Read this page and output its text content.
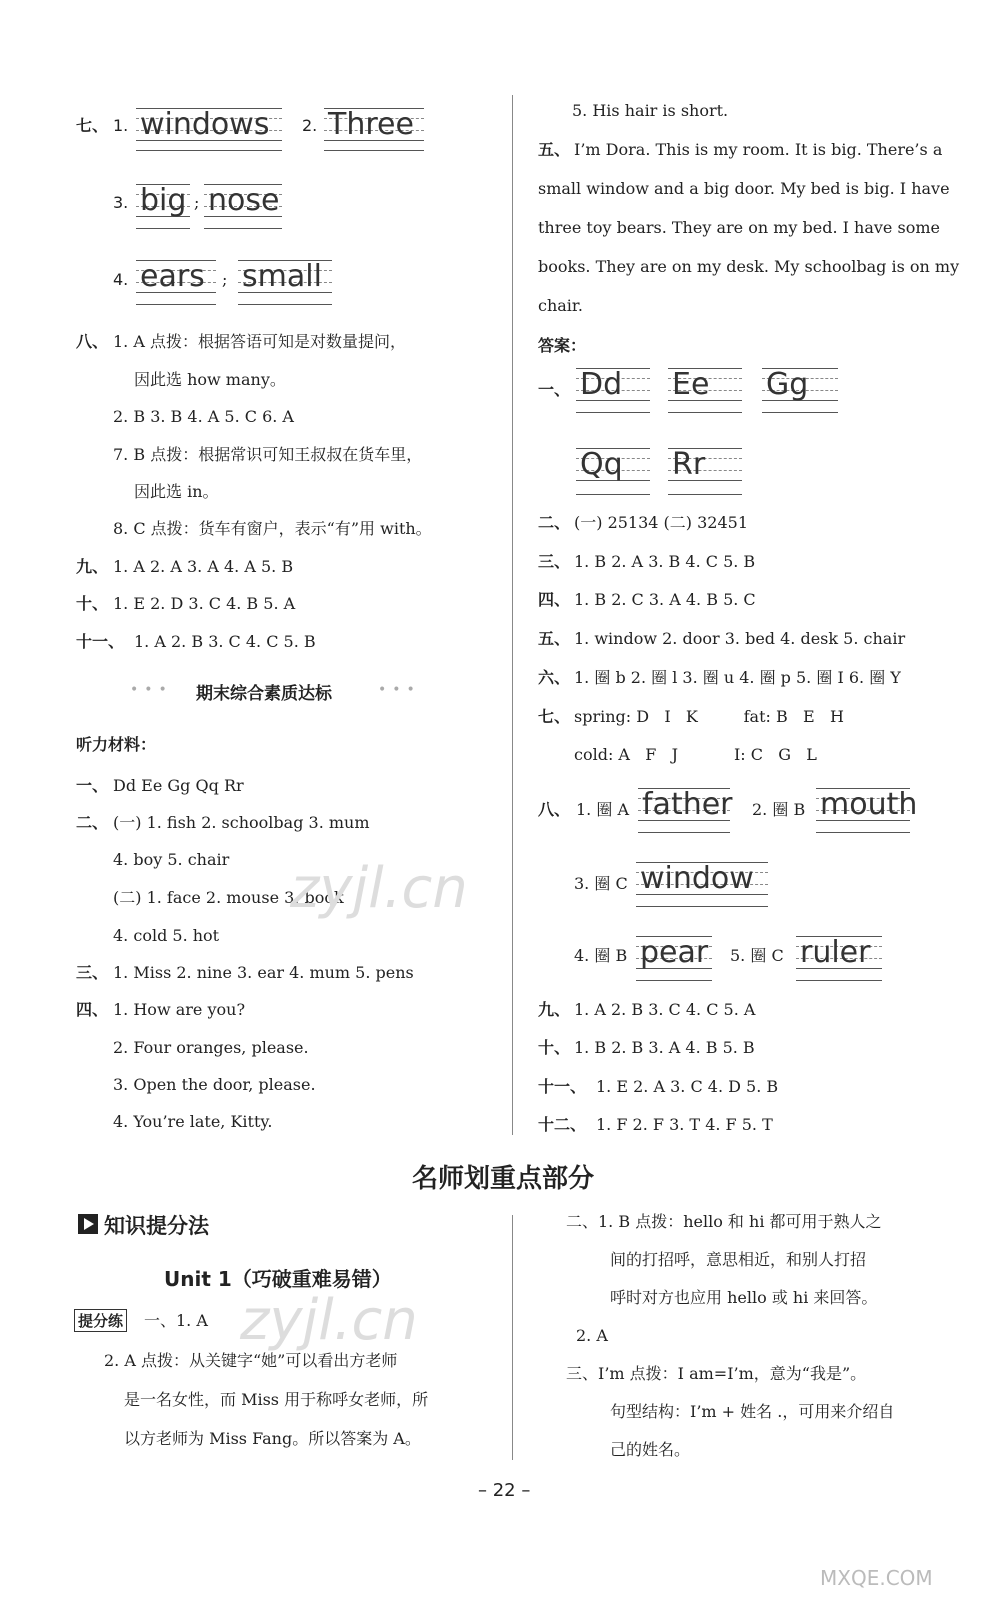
七、 1. windows 2. Three
3. big ; nose
4. ears ; small
八、 1. A 点拨：根据答语可知是对数量提问，
因此选 how many。
2. B 3. B 4. A 5. C 6. A
7. B 点拨：根据常识可知王叔叔在货车里，
因此选 in。
8. C 点拨：货车有窗户，表示“有”用 with。
九、 1. A 2. A 3. A 4. A 5. B
十、 1. E 2. D 3. C 4. B 5. A
十一、 1. A 2. B 3. C 4. C 5. B
••• 期末综合素质达标	•••
听力材料：
一、 Dd Ee Gg Qq Rr
二、 (一) 1. fish 2. schoolbag 3. mum
4. boy 5. chair
(二) 1. face 2. mouse 3. book
4. cold 5. hot
三、 1. Miss 2. nine 3. ear 4. mum 5. pens
四、 1. How are you?
2. Four oranges, please.
3. Open the door, please.
4. You’re late, Kitty.
5. His hair is short.
五、 I’m Dora. This is my room. It is big. There’s a
small window and a big door. My bed is big. I have
three toy bears. They are on my bed. I have some
books. They are on my desk. My schoolbag is on my
chair.
答案：
一、 Dd Ee Gg
Qq Rr
二、 (一) 25134 (二) 32451
三、 1. B 2. A 3. B 4. C 5. B
四、 1. B 2. C 3. A 4. B 5. C
五、 1. window 2. door 3. bed 4. desk 5. chair
六、 1. 圈 b 2. 圈 l 3. 圈 u 4. 圈 p 5. 圈 I 6. 圈 Y
七、 spring: D   I   K         fat: B   E   H
cold: A   F   J           I: C   G   L
八、 1. 圈 A father 2. 圈 B mouth
3. 圈 C window
4. 圈 B pear 5. 圈 C ruler
九、 1. A 2. B 3. C 4. C 5. A
十、 1. B 2. B 3. A 4. B 5. B
十一、 1. E 2. A 3. C 4. D 5. B
十二、 1. F 2. F 3. T 4. F 5. T
名师划重点部分
知识提分法
Unit 1（巧破重难易错）
提分练 一、1. A
2. A 点拨：从关键字“她”可以看出方老师
是一名女性，而 Miss 用于称呼女老师，所
以方老师为 Miss Fang。所以答案为 A。
二、1. B 点拨：hello 和 hi 都可用于熟人之
间的打招呼，意思相近，和别人打招
呼时对方也应用 hello 或 hi 来回答。
2. A
三、I’m 点拨：I am=I’m，意为“我是”。
句型结构：I’m + 姓名 .，可用来介绍自
己的姓名。
– 22 –
zyjl.cn
zyjl.cn
MXQE.COM
